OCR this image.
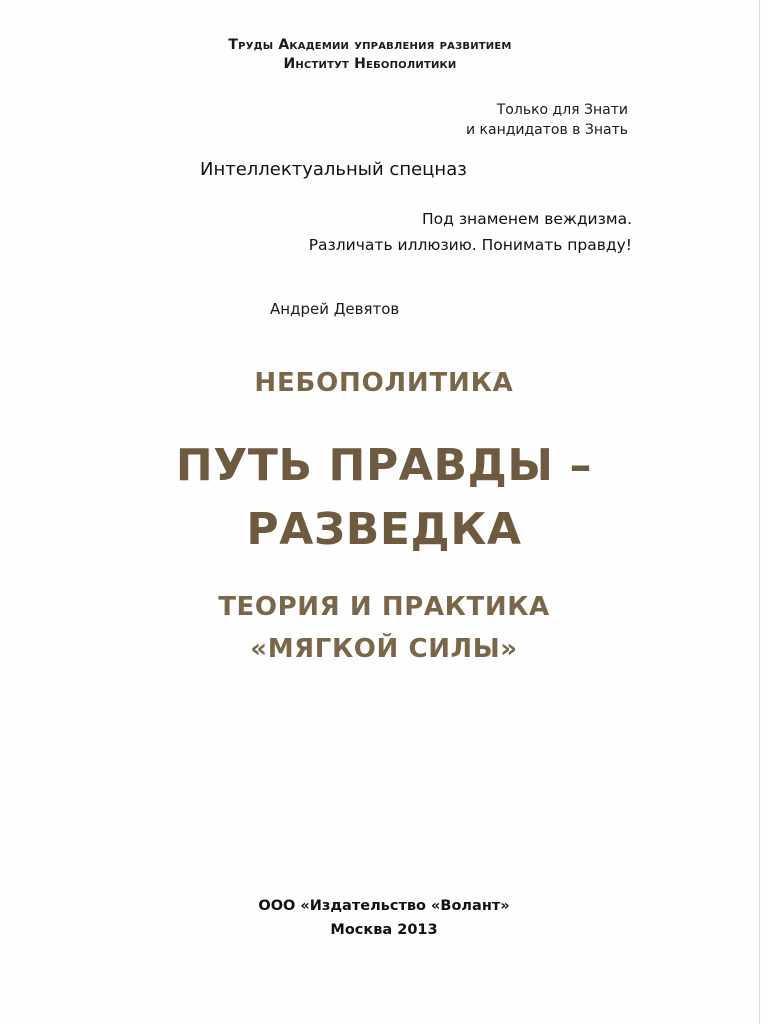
Труды Академии управления развитием
Институт Небополитики
Только для Знати
и кандидатов в Знать
Интеллектуальный спецназ
Под знаменем веждизма.
Различать иллюзию. Понимать правду!
Андрей Девятов
НЕБОПОЛИТИКА
ПУТЬ ПРАВДЫ –
РАЗВЕДКА
ТЕОРИЯ И ПРАКТИКА
«МЯГКОЙ СИЛЫ»
ООО «Издательство «Волант»
Москва 2013
